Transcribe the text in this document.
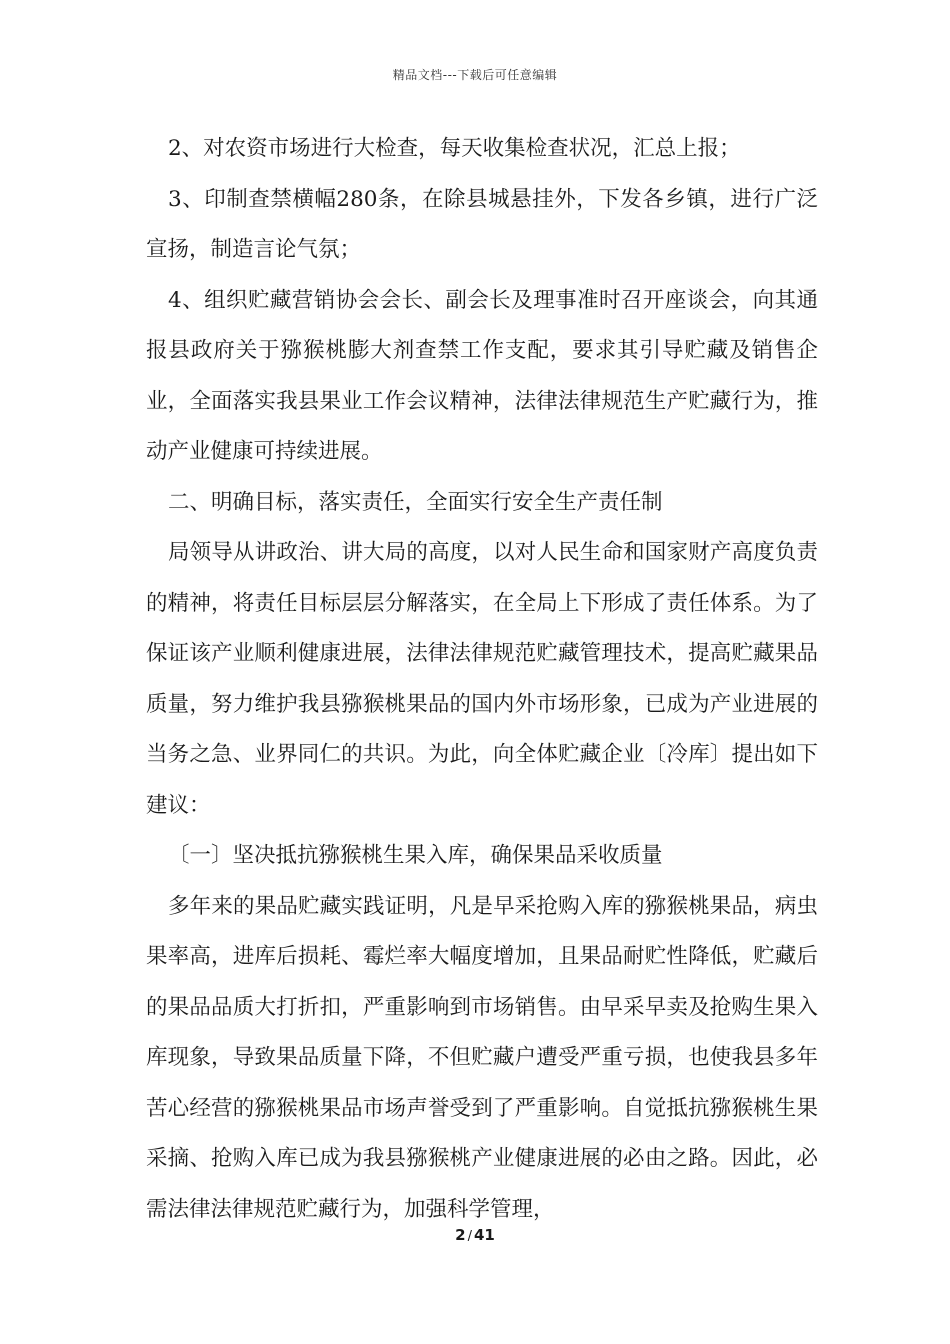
精品文档---下载后可任意编辑

2、对农资市场进行大检查，每天收集检查状况，汇总上报；

3、印制查禁横幅280条，在除县城悬挂外，下发各乡镇，进行广泛宣扬，制造言论气氛；

4、组织贮藏营销协会会长、副会长及理事准时召开座谈会，向其通报县政府关于猕猴桃膨大剂查禁工作支配，要求其引导贮藏及销售企业，全面落实我县果业工作会议精神，法律法律规范生产贮藏行为，推动产业健康可持续进展。

二、明确目标，落实责任，全面实行安全生产责任制

局领导从讲政治、讲大局的高度，以对人民生命和国家财产高度负责的精神，将责任目标层层分解落实，在全局上下形成了责任体系。为了保证该产业顺利健康进展，法律法律规范贮藏管理技术，提高贮藏果品质量，努力维护我县猕猴桃果品的国内外市场形象，已成为产业进展的当务之急、业界同仁的共识。为此，向全体贮藏企业〔冷库〕提出如下建议：

〔一〕坚决抵抗猕猴桃生果入库，确保果品采收质量

多年来的果品贮藏实践证明，凡是早采抢购入库的猕猴桃果品，病虫果率高，进库后损耗、霉烂率大幅度增加，且果品耐贮性降低，贮藏后的果品品质大打折扣，严重影响到市场销售。由早采早卖及抢购生果入库现象，导致果品质量下降，不但贮藏户遭受严重亏损，也使我县多年苦心经营的猕猴桃果品市场声誉受到了严重影响。自觉抵抗猕猴桃生果采摘、抢购入库已成为我县猕猴桃产业健康进展的必由之路。因此，必需法律法律规范贮藏行为，加强科学管理，

2 / 41
